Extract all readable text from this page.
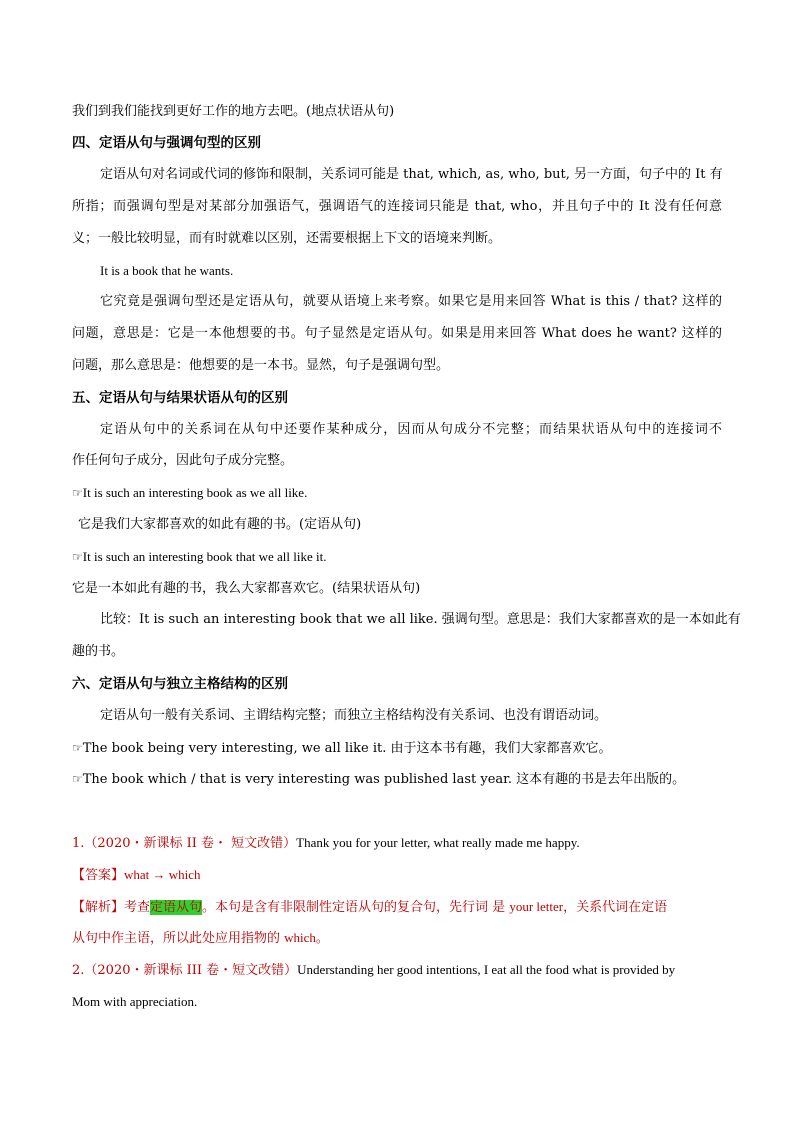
我们到我们能找到更好工作的地方去吧。(地点状语从句)
四、定语从句与强调句型的区别
定语从句对名词或代词的修饰和限制，关系词可能是 that, which, as, who, but, 另一方面，句子中的 It 有
所指；而强调句型是对某部分加强语气，强调语气的连接词只能是 that, who，并且句子中的 It 没有任何意
义；一般比较明显，而有时就难以区别，还需要根据上下文的语境来判断。
It is a book that he wants.
它究竟是强调句型还是定语从句，就要从语境上来考察。如果它是用来回答 What is this / that? 这样的
问题，意思是：它是一本他想要的书。句子显然是定语从句。如果是用来回答 What does he want? 这样的
问题，那么意思是：他想要的是一本书。显然，句子是强调句型。
五、定语从句与结果状语从句的区别
定语从句中的关系词在从句中还要作某种成分，因而从句成分不完整；而结果状语从句中的连接词不
作任何句子成分，因此句子成分完整。
☞It is such an interesting book as we all like.
它是我们大家都喜欢的如此有趣的书。(定语从句)
☞It is such an interesting book that we all like it.
它是一本如此有趣的书，我么大家都喜欢它。(结果状语从句)
比较：It is such an interesting book that we all like. 强调句型。意思是：我们大家都喜欢的是一本如此有
趣的书。
六、定语从句与独立主格结构的区别
定语从句一般有关系词、主谓结构完整；而独立主格结构没有关系词、也没有谓语动词。
☞The book being very interesting, we all like it. 由于这本书有趣，我们大家都喜欢它。
☞The book which / that is very interesting was published last year. 这本有趣的书是去年出版的。
1.（2020・新课标 II 卷・ 短文改错）Thank you for your letter, what really made me happy.
【答案】what → which
【解析】考查定语从句。本句是含有非限制性定语从句的复合句，先行词 是 your letter，关系代词在定语
从句中作主语，所以此处应用指物的 which。
2.（2020・新课标 III 卷・短文改错）Understanding her good intentions, I eat all the food what is provided by
Mom with appreciation.
